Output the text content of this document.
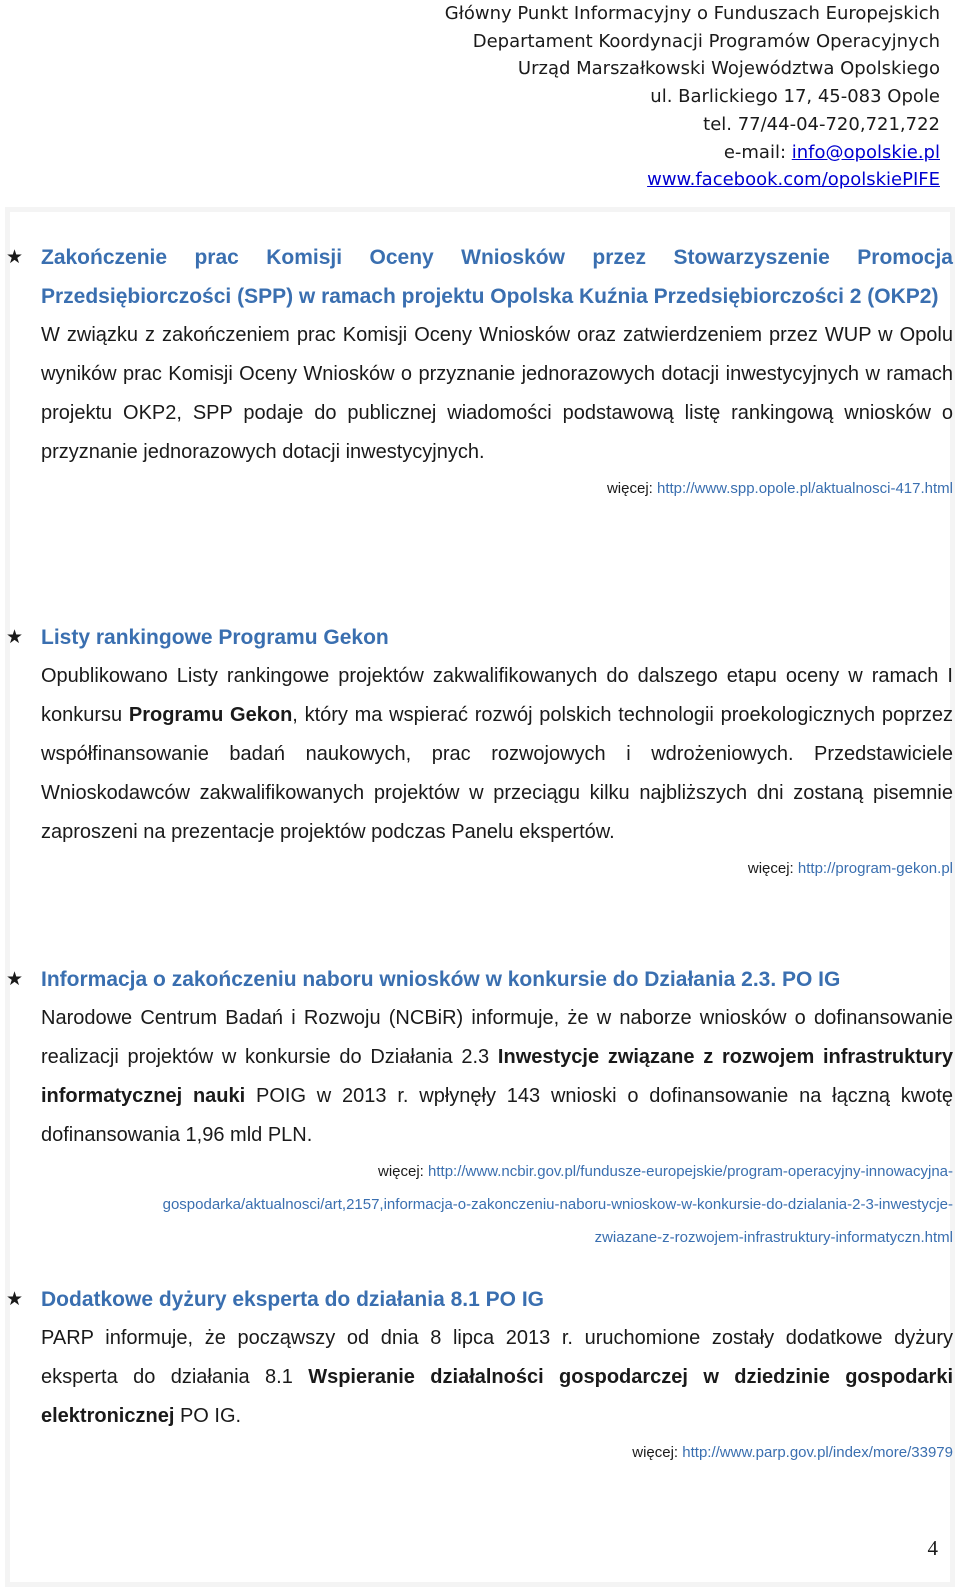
Główny Punkt Informacyjny o Funduszach Europejskich
Departament Koordynacji Programów Operacyjnych
Urząd Marszałkowski Województwa Opolskiego
ul. Barlickiego 17, 45-083 Opole
tel. 77/44-04-720,721,722
e-mail: info@opolskie.pl
www.facebook.com/opolskiePIFE
★ Zakończenie prac Komisji Oceny Wniosków przez Stowarzyszenie Promocja Przedsiębiorczości (SPP) w ramach projektu Opolska Kuźnia Przedsiębiorczości 2 (OKP2)
W związku z zakończeniem prac Komisji Oceny Wniosków oraz zatwierdzeniem przez WUP w Opolu wyników prac Komisji Oceny Wniosków o przyznanie jednorazowych dotacji inwestycyjnych w ramach projektu OKP2, SPP podaje do publicznej wiadomości podstawową listę rankingową wniosków o przyznanie jednorazowych dotacji inwestycyjnych.
więcej: http://www.spp.opole.pl/aktualnosci-417.html
★ Listy rankingowe Programu Gekon
Opublikowano Listy rankingowe projektów zakwalifikowanych do dalszego etapu oceny w ramach I konkursu Programu Gekon, który ma wspierać rozwój polskich technologii proekologicznych poprzez współfinansowanie badań naukowych, prac rozwojowych i wdrożeniowych. Przedstawiciele Wnioskodawców zakwalifikowanych projektów w przeciągu kilku najbliższych dni zostaną pisemnie zaproszeni na prezentacje projektów podczas Panelu ekspertów.
więcej: http://program-gekon.pl
★ Informacja o zakończeniu naboru wniosków w konkursie do Działania 2.3. PO IG
Narodowe Centrum Badań i Rozwoju (NCBiR) informuje, że w naborze wniosków o dofinansowanie realizacji projektów w konkursie do Działania 2.3 Inwestycje związane z rozwojem infrastruktury informatycznej nauki POIG w 2013 r. wpłynęły 143 wnioski o dofinansowanie na łączną kwotę dofinansowania 1,96 mld PLN.
więcej: http://www.ncbir.gov.pl/fundusze-europejskie/program-operacyjny-innowacyjna-
gospodarka/aktualnosci/art,2157,informacja-o-zakonczeniu-naboru-wnioskow-w-konkursie-do-dzialania-2-3-inwestycje-
zwiazane-z-rozwojem-infrastruktury-informatyczn.html
★ Dodatkowe dyżury eksperta do działania 8.1 PO IG
PARP informuje, że począwszy od dnia 8 lipca 2013 r. uruchomione zostały dodatkowe dyżury eksperta do działania 8.1 Wspieranie działalności gospodarczej w dziedzinie gospodarki elektronicznej PO IG.
więcej: http://www.parp.gov.pl/index/more/33979
4
